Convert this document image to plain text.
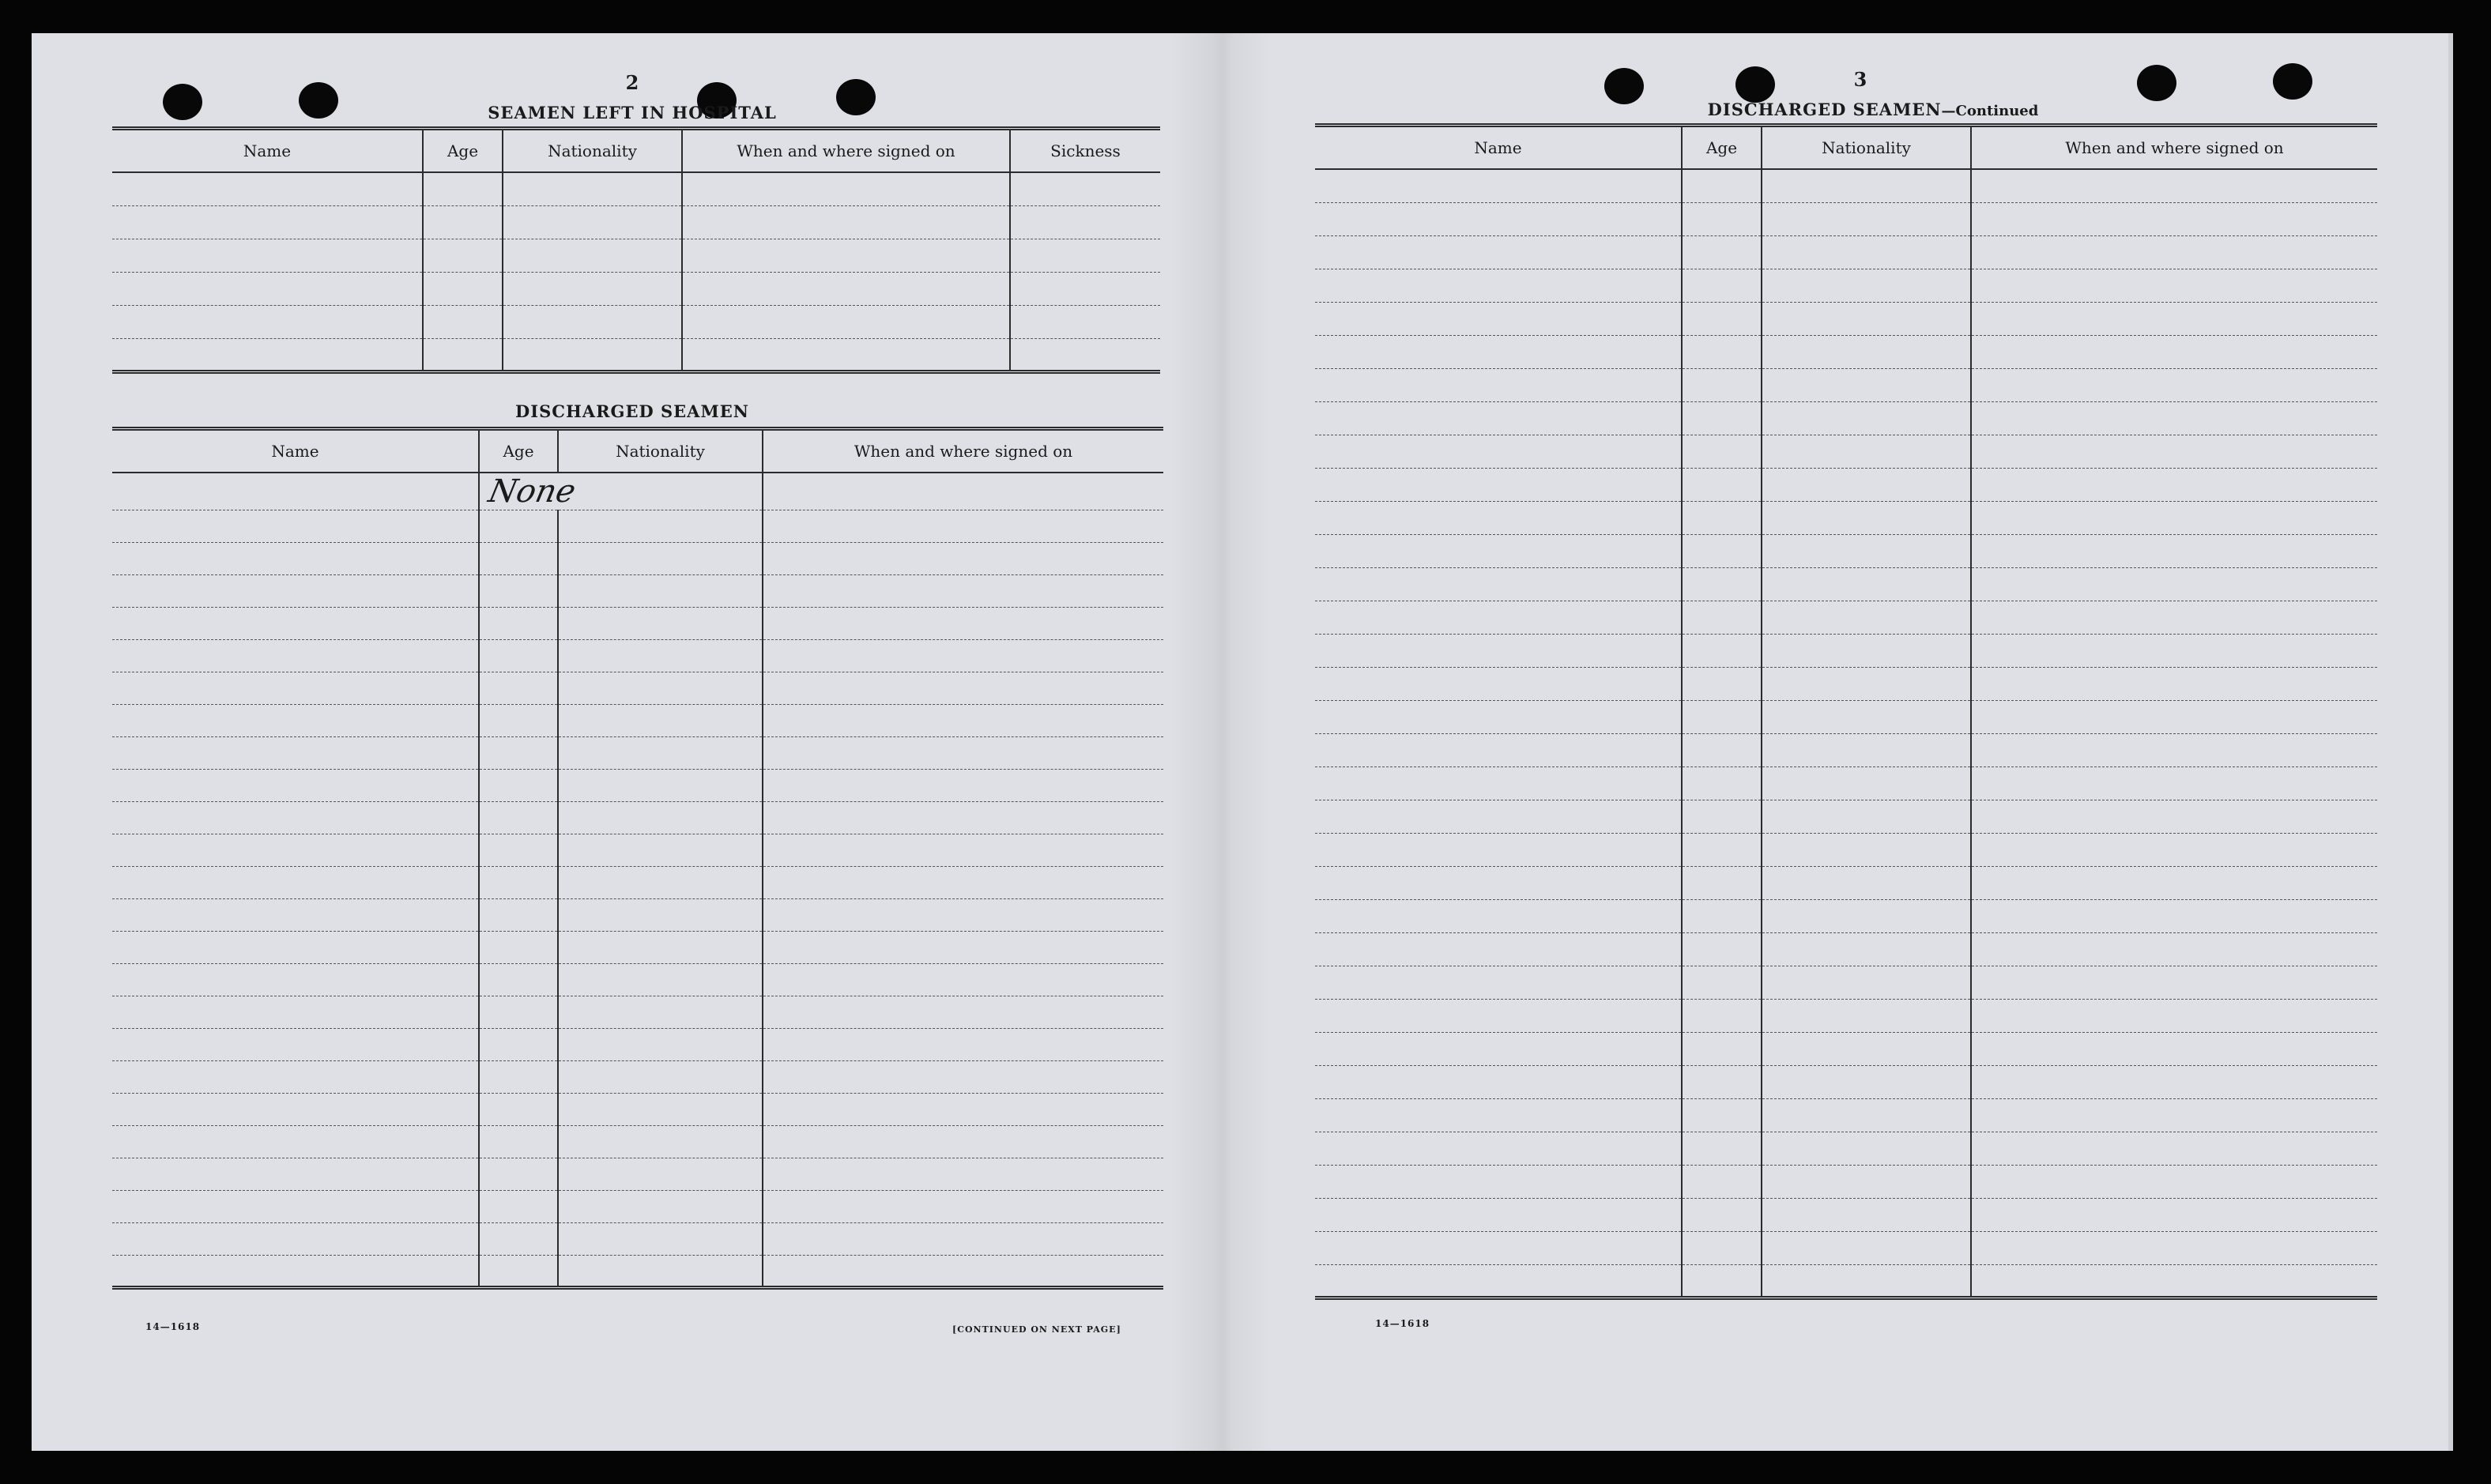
2
SEAMEN LEFT IN HOSPITAL
Name	Age	Nationality	When and where signed on	Sickness

DISCHARGED SEAMEN
Name	Age	Nationality	When and where signed on
	None		

14—1618	[CONTINUED ON NEXT PAGE]
3
DISCHARGED SEAMEN—Continued
Name	Age	Nationality	When and where signed on

14—1618
